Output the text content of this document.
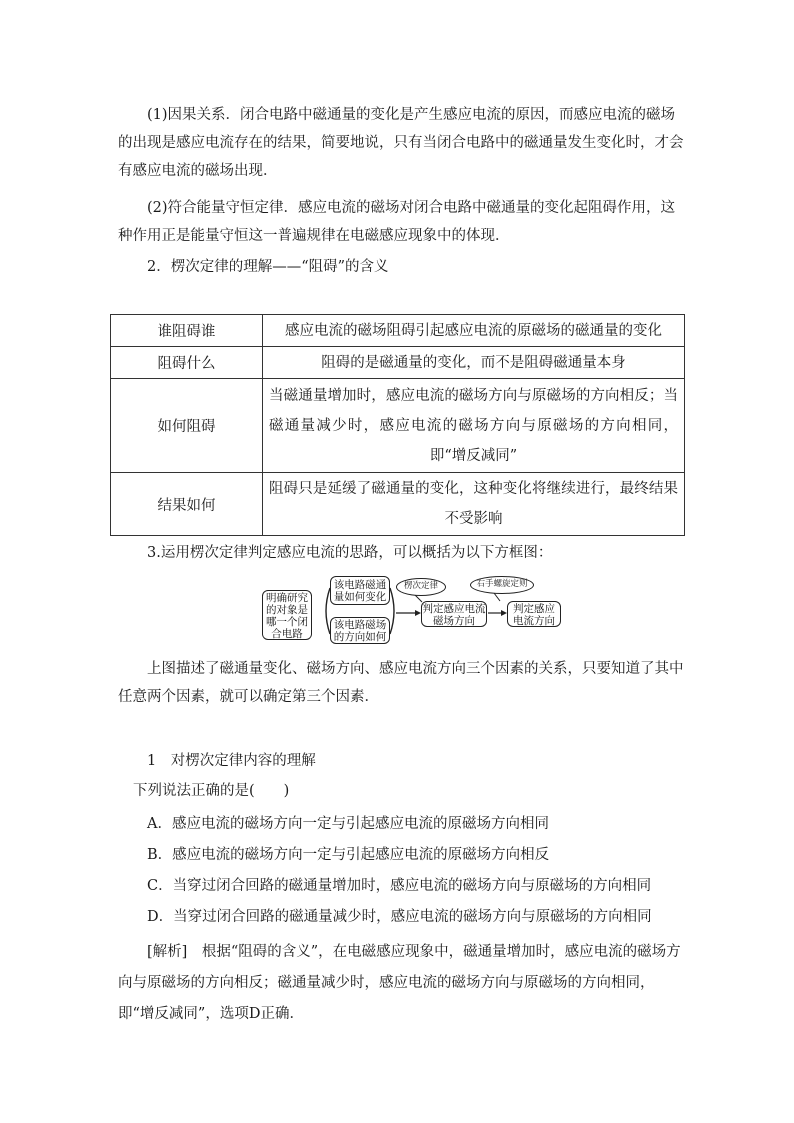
(1)因果关系．闭合电路中磁通量的变化是产生感应电流的原因，而感应电流的磁场的出现是感应电流存在的结果，简要地说，只有当闭合电路中的磁通量发生变化时，才会有感应电流的磁场出现．

(2)符合能量守恒定律．感应电流的磁场对闭合电路中磁通量的变化起阻碍作用，这种作用正是能量守恒这一普遍规律在电磁感应现象中的体现．

2．楞次定律的理解——“阻碍”的含义

谁阻碍谁	感应电流的磁场阻碍引起感应电流的原磁场的磁通量的变化
阻碍什么	阻碍的是磁通量的变化，而不是阻碍磁通量本身
如何阻碍	当磁通量增加时，感应电流的磁场方向与原磁场的方向相反；当磁通量减少时，感应电流的磁场方向与原磁场的方向相同，即“增反减同”
结果如何	阻碍只是延缓了磁通量的变化，这种变化将继续进行，最终结果不受影响

3.运用楞次定律判定感应电流的思路，可以概括为以下方框图：

明确研究的对象是哪一个闭合电路
该电路磁通量如何变化
该电路磁场的方向如何
楞次定律	右手螺旋定则
判定感应电流磁场方向
判定感应电流方向

上图描述了磁通量变化、磁场方向、感应电流方向三个因素的关系，只要知道了其中任意两个因素，就可以确定第三个因素．

1　对楞次定律内容的理解

下列说法正确的是(　　)

A．感应电流的磁场方向一定与引起感应电流的原磁场方向相同

B．感应电流的磁场方向一定与引起感应电流的原磁场方向相反

C．当穿过闭合回路的磁通量增加时，感应电流的磁场方向与原磁场的方向相同

D．当穿过闭合回路的磁通量减少时，感应电流的磁场方向与原磁场的方向相同

[解析]　根据“阻碍的含义”，在电磁感应现象中，磁通量增加时，感应电流的磁场方向与原磁场的方向相反；磁通量减少时，感应电流的磁场方向与原磁场的方向相同，即“增反减同”，选项D正确．
